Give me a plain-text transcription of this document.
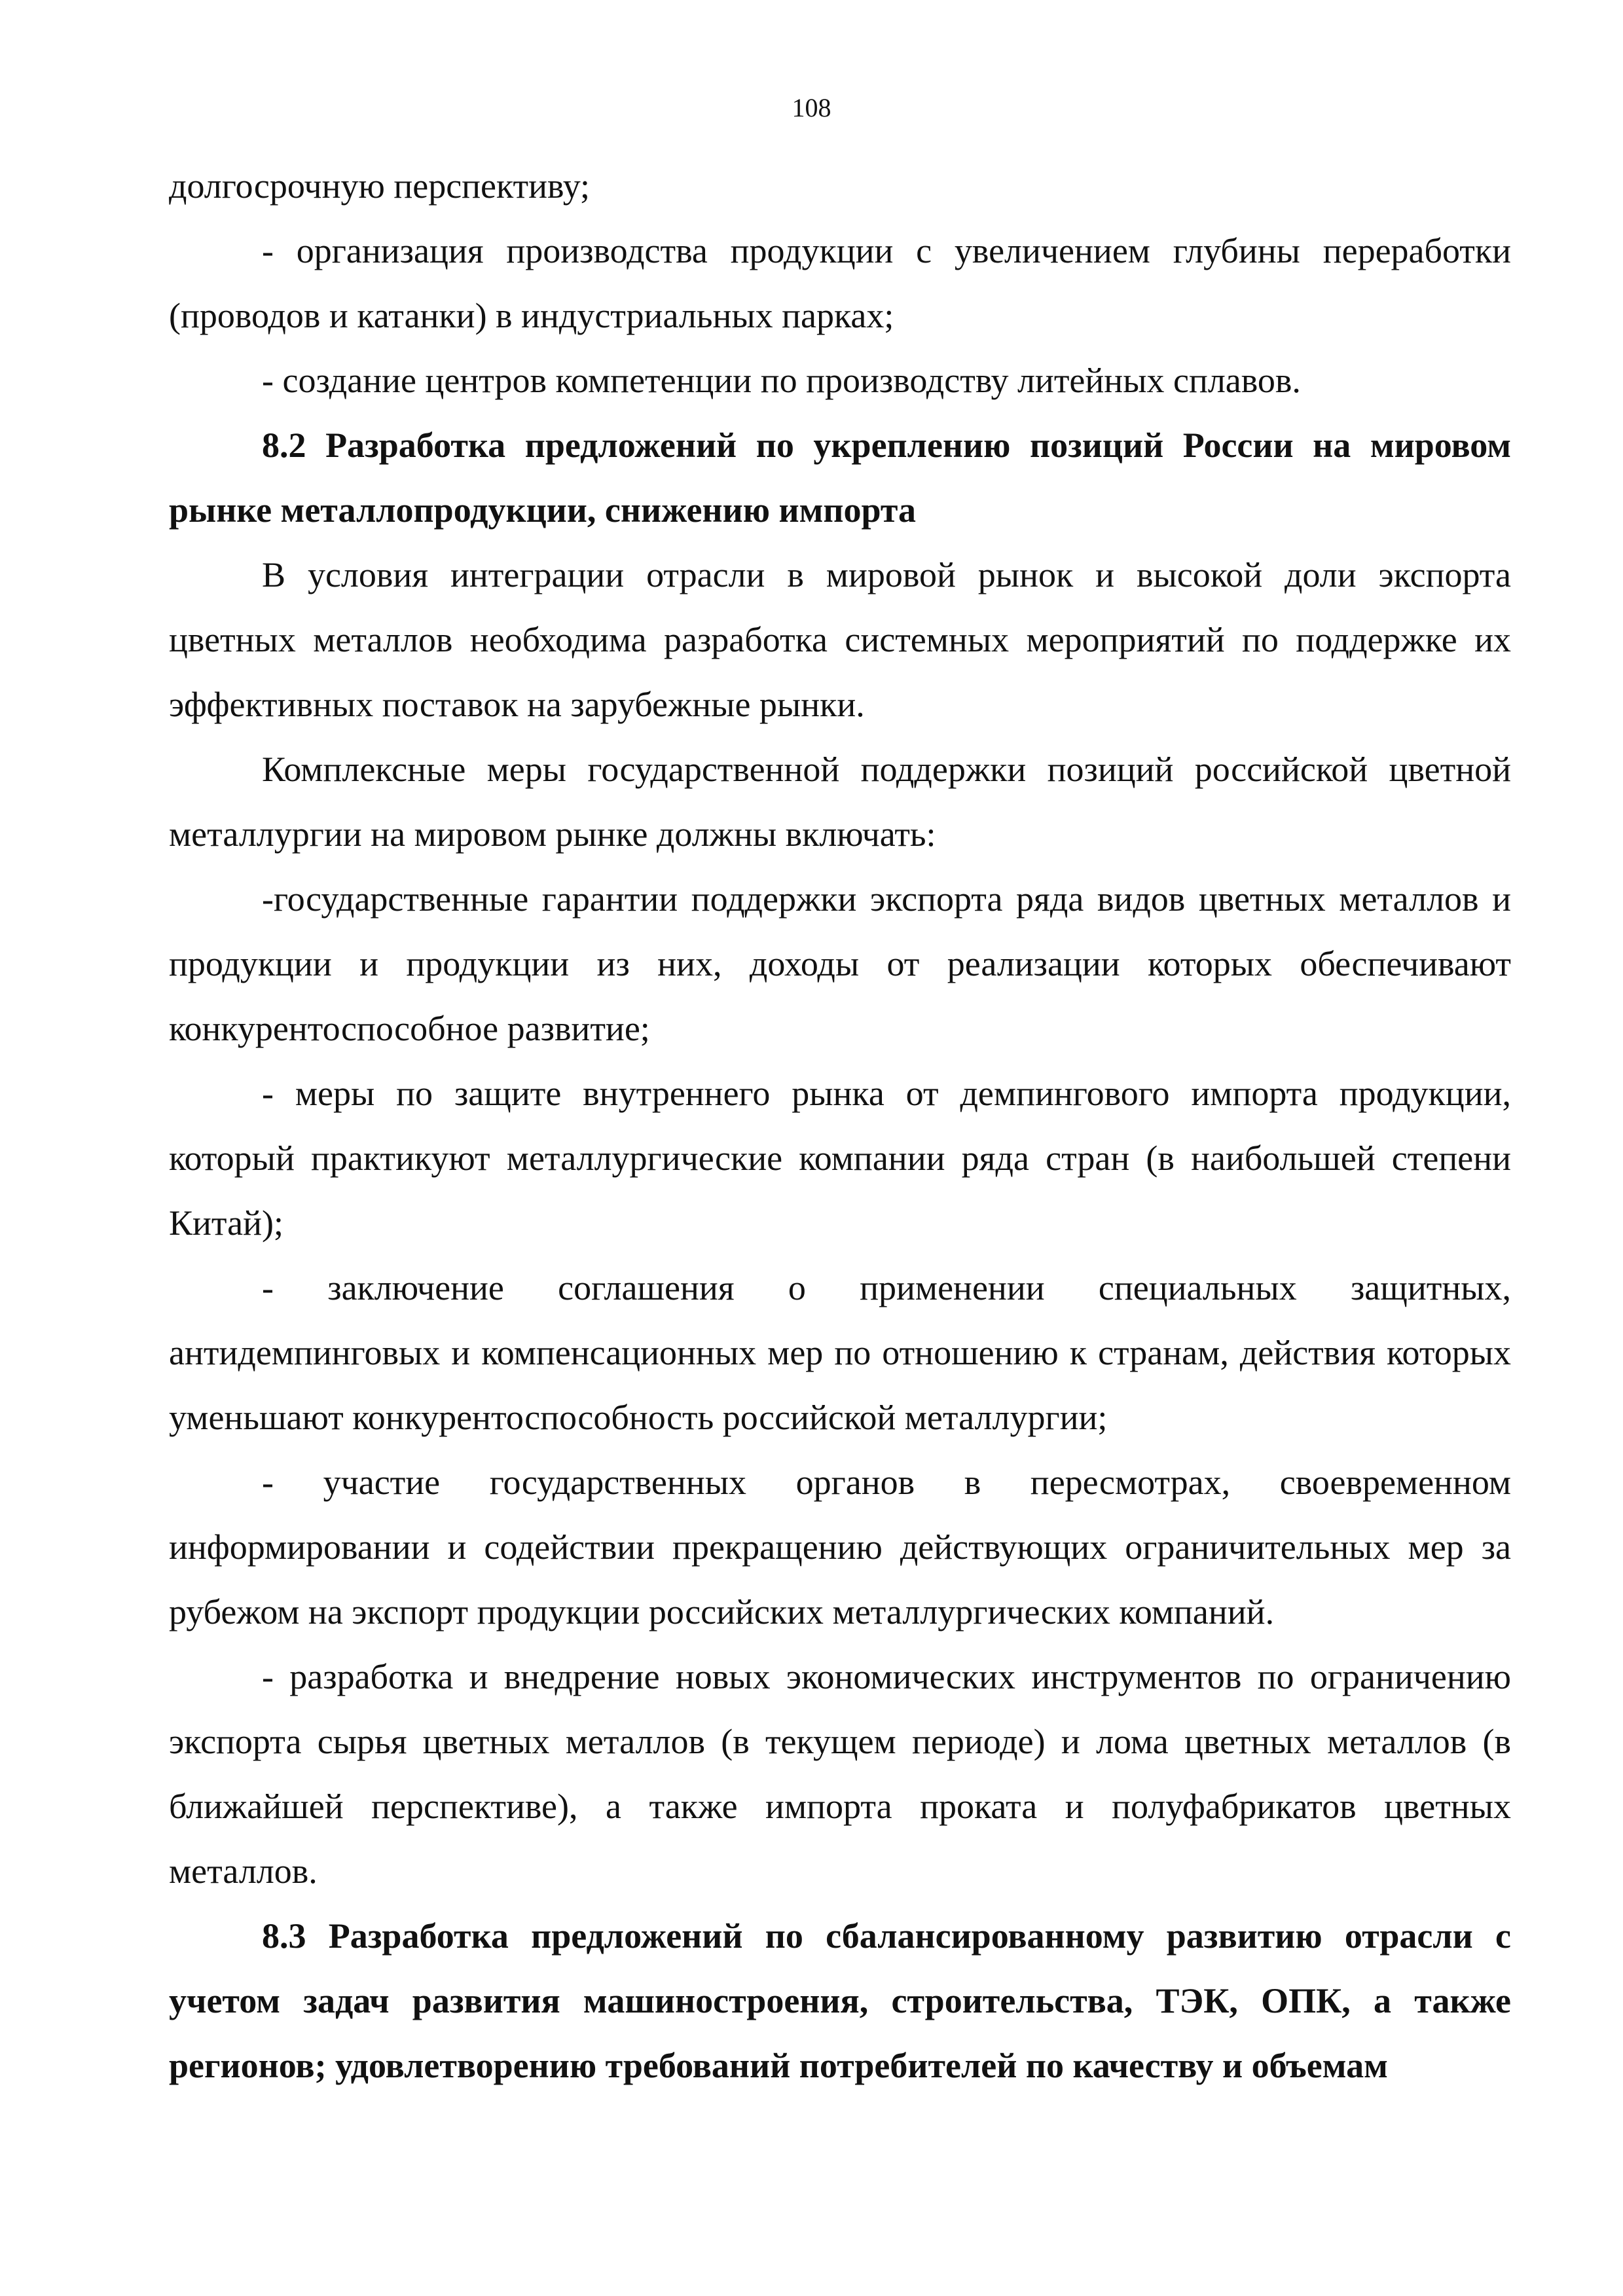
108

долгосрочную перспективу;

- организация производства продукции с увеличением глубины переработки (проводов и катанки) в индустриальных парках;

- создание центров компетенции по производству литейных сплавов.

8.2 Разработка предложений по укреплению позиций России на мировом рынке металлопродукции, снижению импорта

В условия интеграции отрасли в мировой рынок и высокой доли экспорта цветных металлов необходима разработка системных мероприятий по поддержке их эффективных поставок на зарубежные рынки.

Комплексные меры государственной поддержки позиций российской цветной металлургии на мировом рынке должны включать:

-государственные гарантии поддержки экспорта ряда видов цветных металлов и продукции и продукции из них, доходы от реализации которых обеспечивают конкурентоспособное развитие;

- меры по защите внутреннего рынка от демпингового импорта продукции, который практикуют металлургические компании ряда стран (в наибольшей степени Китай);

- заключение соглашения о применении специальных защитных, антидемпинговых и компенсационных мер по отношению к странам, действия которых уменьшают конкурентоспособность российской металлургии;

- участие государственных органов в пересмотрах, своевременном информировании и содействии прекращению действующих ограничительных мер за рубежом на экспорт продукции российских металлургических компаний.

- разработка и внедрение новых экономических инструментов по ограничению экспорта сырья цветных металлов (в текущем периоде) и лома цветных металлов (в ближайшей перспективе), а также импорта проката и полуфабрикатов цветных металлов.

8.3 Разработка предложений по сбалансированному развитию отрасли с учетом задач развития машиностроения, строительства, ТЭК, ОПК, а также регионов; удовлетворению требований потребителей по качеству и объемам
